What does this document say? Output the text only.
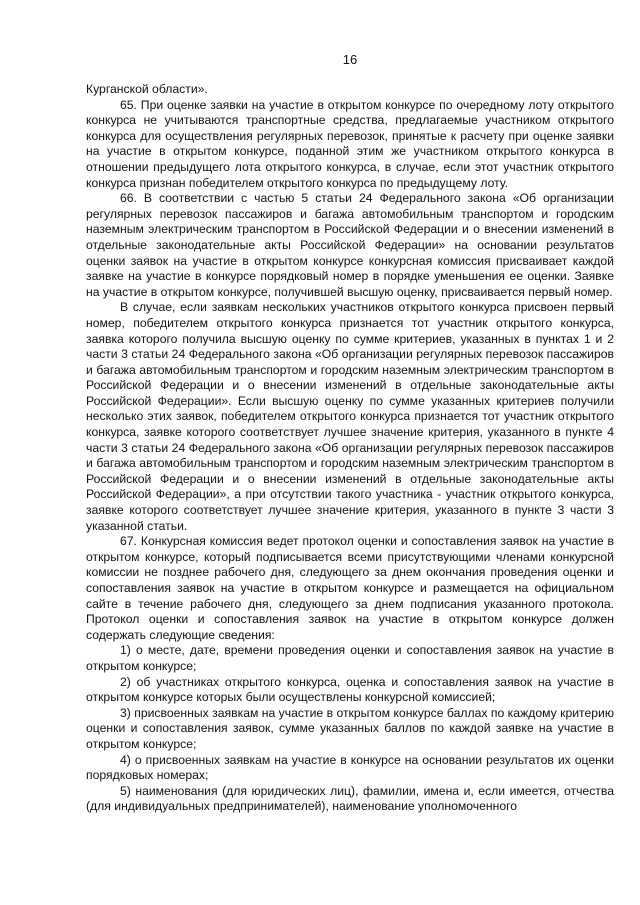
16

Курганской области».

65. При оценке заявки на участие в открытом конкурсе по очередному лоту открытого конкурса не учитываются транспортные средства, предлагаемые участником открытого конкурса для осуществления регулярных перевозок, принятые к расчету при оценке заявки на участие в открытом конкурсе, поданной этим же участником открытого конкурса в отношении предыдущего лота открытого конкурса, в случае, если этот участник открытого конкурса признан победителем открытого конкурса по предыдущему лоту.

66. В соответствии с частью 5 статьи 24 Федерального закона «Об организации регулярных перевозок пассажиров и багажа автомобильным транспортом и городским наземным электрическим транспортом в Российской Федерации и о внесении изменений в отдельные законодательные акты Российской Федерации» на основании результатов оценки заявок на участие в открытом конкурсе конкурсная комиссия присваивает каждой заявке на участие в конкурсе порядковый номер в порядке уменьшения ее оценки. Заявке на участие в открытом конкурсе, получившей высшую оценку, присваивается первый номер.

В случае, если заявкам нескольких участников открытого конкурса присвоен первый номер, победителем открытого конкурса признается тот участник открытого конкурса, заявка которого получила высшую оценку по сумме критериев, указанных в пунктах 1 и 2 части 3 статьи 24 Федерального закона «Об организации регулярных перевозок пассажиров и багажа автомобильным транспортом и городским наземным электрическим транспортом в Российской Федерации и о внесении изменений в отдельные законодательные акты Российской Федерации». Если высшую оценку по сумме указанных критериев получили несколько этих заявок, победителем открытого конкурса признается тот участник открытого конкурса, заявке которого соответствует лучшее значение критерия, указанного в пункте 4 части 3 статьи 24 Федерального закона «Об организации регулярных перевозок пассажиров и багажа автомобильным транспортом и городским наземным электрическим транспортом в Российской Федерации и о внесении изменений в отдельные законодательные акты Российской Федерации», а при отсутствии такого участника - участник открытого конкурса, заявке которого соответствует лучшее значение критерия, указанного в пункте 3 части 3 указанной статьи.

67. Конкурсная комиссия ведет протокол оценки и сопоставления заявок на участие в открытом конкурсе, который подписывается всеми присутствующими членами конкурсной комиссии не позднее рабочего дня, следующего за днем окончания проведения оценки и сопоставления заявок на участие в открытом конкурсе и размещается на официальном сайте в течение рабочего дня, следующего за днем подписания указанного протокола. Протокол оценки и сопоставления заявок на участие в открытом конкурсе должен содержать следующие сведения:

1) о месте, дате, времени проведения оценки и сопоставления заявок на участие в открытом конкурсе;

2) об участниках открытого конкурса, оценка и сопоставления заявок на участие в открытом конкурсе которых были осуществлены конкурсной комиссией;

3) присвоенных заявкам на участие в открытом конкурсе баллах по каждому критерию оценки и сопоставления заявок, сумме указанных баллов по каждой заявке на участие в открытом конкурсе;

4) о присвоенных заявкам на участие в конкурсе на основании результатов их оценки порядковых номерах;

5) наименования (для юридических лиц), фамилии, имена и, если имеется, отчества (для индивидуальных предпринимателей), наименование уполномоченного
